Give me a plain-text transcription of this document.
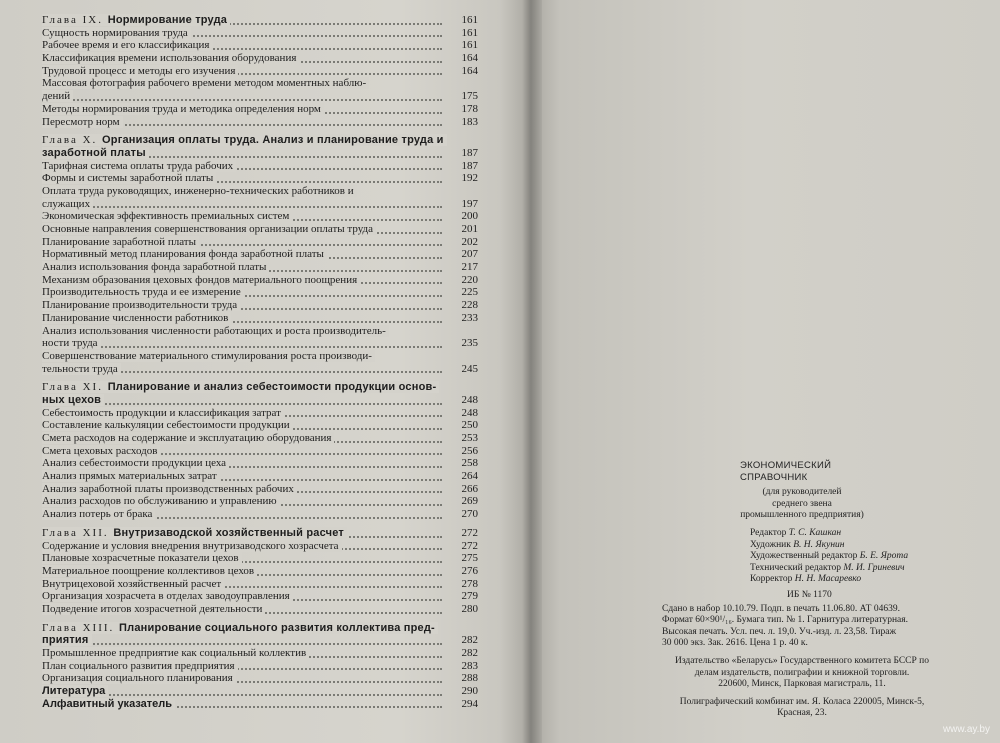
Глава IX. Нормирование труда	161
Сущность нормирования труда	161
Рабочее время и его классификация	161
Классификация времени использования оборудования	164
Трудовой процесс и методы его изучения	164
Массовая фотография рабочего времени методом моментных наблю-
дений	175
Методы нормирования труда и методика определения норм	178
Пересмотр норм	183
Глава X. Организация оплаты труда. Анализ и планирование труда и
заработной платы	187
Тарифная система оплаты труда рабочих	187
Формы и системы заработной платы	192
Оплата труда руководящих, инженерно-технических работников и
служащих	197
Экономическая эффективность премиальных систем	200
Основные направления совершенствования организации оплаты труда	201
Планирование заработной платы	202
Нормативный метод планирования фонда заработной платы	207
Анализ использования фонда заработной платы	217
Механизм образования цеховых фондов материального поощрения	220
Производительность труда и ее измерение	225
Планирование производительности труда	228
Планирование численности работников	233
Анализ использования численности работающих и роста производитель-
ности труда	235
Совершенствование материального стимулирования роста производи-
тельности труда	245
Глава XI. Планирование и анализ себестоимости продукции основ-
ных цехов	248
Себестоимость продукции и классификация затрат	248
Составление калькуляции себестоимости продукции	250
Смета расходов на содержание и эксплуатацию оборудования	253
Смета цеховых расходов	256
Анализ себестоимости продукции цеха	258
Анализ прямых материальных затрат	264
Анализ заработной платы производственных рабочих	266
Анализ расходов по обслуживанию и управлению	269
Анализ потерь от брака	270
Глава XII. Внутризаводской хозяйственный расчет	272
Содержание и условия внедрения внутризаводского хозрасчета	272
Плановые хозрасчетные показатели цехов	275
Материальное поощрение коллективов цехов	276
Внутрицеховой хозяйственный расчет	278
Организация хозрасчета в отделах заводоуправления	279
Подведение итогов хозрасчетной деятельности	280
Глава XIII. Планирование социального развития коллектива пред-
приятия	282
Промышленное предприятие как социальный коллектив	282
План социального развития предприятия	283
Организация социального планирования	288
Литература	290
Алфавитный указатель	294
ЭКОНОМИЧЕСКИЙ
СПРАВОЧНИК
(для руководителей
среднего звена
промышленного предприятия)
Редактор Т. С. Кашкан
Художник В. Н. Якунин
Художественный редактор Б. Е. Ярота
Технический редактор М. И. Гриневич
Корректор Н. Н. Масаревко
ИБ № 1170
Сдано в набор 10.10.79. Подп. в печать 11.06.80. АТ 04639.
Формат 60×90¹/₁₆. Бумага тип. № 1. Гарнитура литературная.
Высокая печать. Усл. печ. л. 19,0. Уч.-изд. л. 23,58. Тираж
30 000 экз. Зак. 2616. Цена 1 р. 40 к.
Издательство «Беларусь» Государственного комитета БССР по
делам издательств, полиграфии и книжной торговли.
220600, Минск, Парковая магистраль, 11.
Полиграфический комбинат им. Я. Коласа 220005, Минск-5,
Красная, 23.
www.ay.by
